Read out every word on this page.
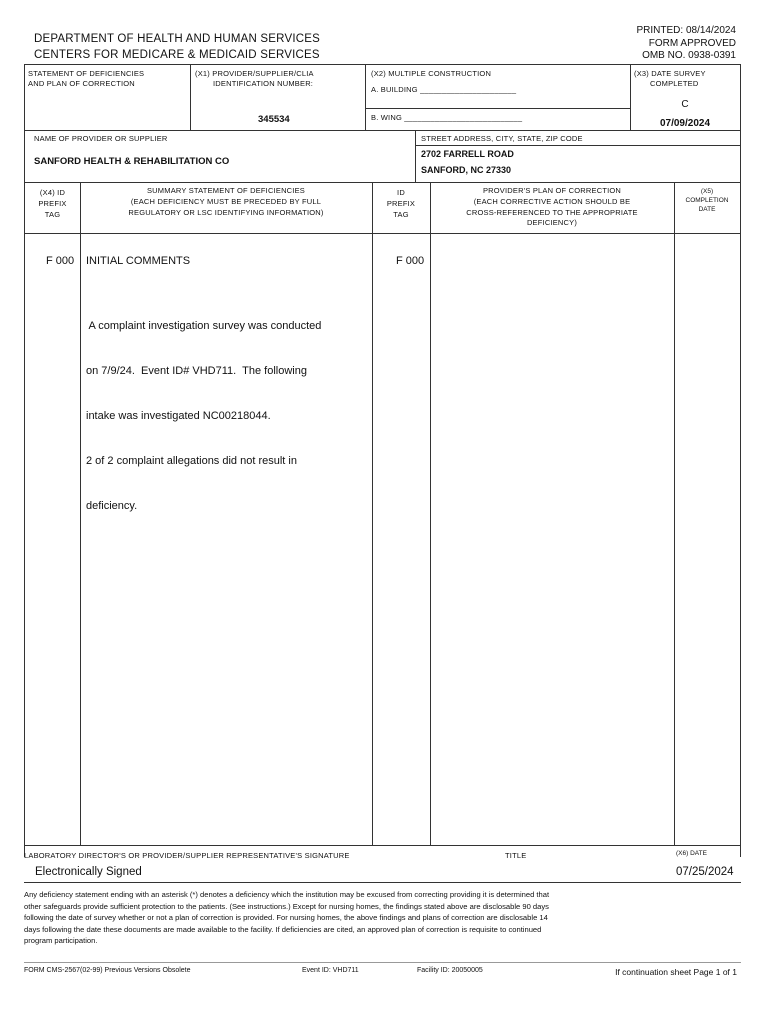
DEPARTMENT OF HEALTH AND HUMAN SERVICES
CENTERS FOR MEDICARE & MEDICAID SERVICES
PRINTED: 08/14/2024
FORM APPROVED
OMB NO. 0938-0391
STATEMENT OF DEFICIENCIES
AND PLAN OF CORRECTION
(X1) PROVIDER/SUPPLIER/CLIA
IDENTIFICATION NUMBER:
345534
(X2) MULTIPLE CONSTRUCTION
A. BUILDING ______________________
B. WING ___________________________
(X3) DATE SURVEY
COMPLETED
C
07/09/2024
NAME OF PROVIDER OR SUPPLIER
SANFORD HEALTH & REHABILITATION CO
STREET ADDRESS, CITY, STATE, ZIP CODE
2702 FARRELL ROAD
SANFORD, NC 27330
(X4) ID
PREFIX
TAG
SUMMARY STATEMENT OF DEFICIENCIES
(EACH DEFICIENCY MUST BE PRECEDED BY FULL
REGULATORY OR LSC IDENTIFYING INFORMATION)
ID
PREFIX
TAG
PROVIDER'S PLAN OF CORRECTION
(EACH CORRECTIVE ACTION SHOULD BE
CROSS-REFERENCED TO THE APPROPRIATE
DEFICIENCY)
(X5)
COMPLETION
DATE
F 000 INITIAL COMMENTS	F 000

A complaint investigation survey was conducted

on 7/9/24.  Event ID# VHD711.  The following

intake was investigated NC00218044.

2 of 2 complaint allegations did not result in

deficiency.

LABORATORY DIRECTOR'S OR PROVIDER/SUPPLIER REPRESENTATIVE'S SIGNATURE	TITLE	(X6) DATE
Electronically Signed	07/25/2024
Any deficiency statement ending with an asterisk (*) denotes a deficiency which the institution may be excused from correcting providing it is determined that
other safeguards provide sufficient protection to the patients. (See instructions.) Except for nursing homes, the findings stated above are disclosable 90 days
following the date of survey whether or not a plan of correction is provided. For nursing homes, the above findings and plans of correction are disclosable 14
days following the date these documents are made available to the facility. If deficiencies are cited, an approved plan of correction is requisite to continued
program participation.
FORM CMS-2567(02-99) Previous Versions Obsolete	Event ID: VHD711	Facility ID: 20050005	If continuation sheet Page 1 of 1
